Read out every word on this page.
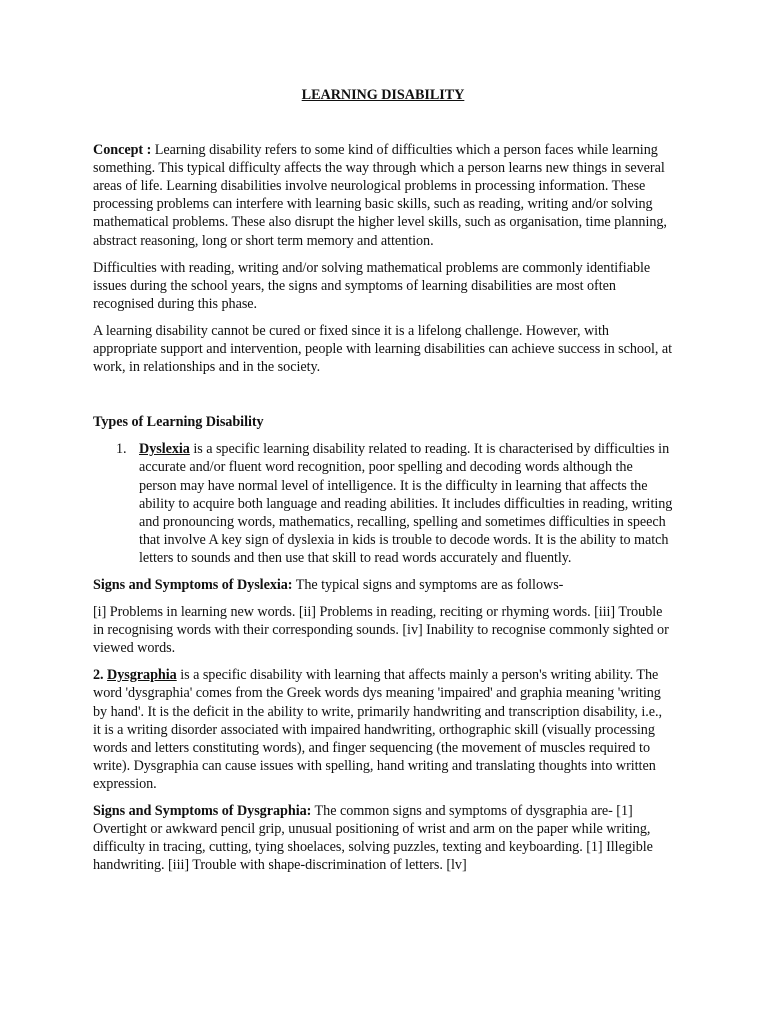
LEARNING DISABILITY

Concept : Learning disability refers to some kind of difficulties which a person faces while learning something. This typical difficulty affects the way through which a person learns new things in several areas of life. Learning disabilities involve neurological problems in processing information. These processing problems can interfere with learning basic skills, such as reading, writing and/or solving mathematical problems. These also disrupt the higher level skills, such as organisation, time planning, abstract reasoning, long or short term memory and attention.

Difficulties with reading, writing and/or solving mathematical problems are commonly identifiable issues during the school years, the signs and symptoms of learning disabilities are most often recognised during this phase.

A learning disability cannot be cured or fixed since it is a lifelong challenge. However, with appropriate support and intervention, people with learning disabilities can achieve success in school, at work, in relationships and in the society.

Types of Learning Disability
1. Dyslexia is a specific learning disability related to reading. It is characterised by difficulties in accurate and/or fluent word recognition, poor spelling and decoding words although the person may have normal level of intelligence. It is the difficulty in learning that affects the ability to acquire both language and reading abilities. It includes difficulties in reading, writing and pronouncing words, mathematics, recalling, spelling and sometimes difficulties in speech that involve A key sign of dyslexia in kids is trouble to decode words. It is the ability to match letters to sounds and then use that skill to read words accurately and fluently.

Signs and Symptoms of Dyslexia: The typical signs and symptoms are as follows-

[i] Problems in learning new words. [ii] Problems in reading, reciting or rhyming words. [iii] Trouble in recognising words with their corresponding sounds. [iv] Inability to recognise commonly sighted or viewed words.

2. Dysgraphia is a specific disability with learning that affects mainly a person's writing ability. The word 'dysgraphia' comes from the Greek words dys meaning 'impaired' and graphia meaning 'writing by hand'. It is the deficit in the ability to write, primarily handwriting and transcription disability, i.e., it is a writing disorder associated with impaired handwriting, orthographic skill (visually processing words and letters constituting words), and finger sequencing (the movement of muscles required to write). Dysgraphia can cause issues with spelling, hand writing and translating thoughts into written expression.

Signs and Symptoms of Dysgraphia: The common signs and symptoms of dysgraphia are- [1] Overtight or awkward pencil grip, unusual positioning of wrist and arm on the paper while writing, difficulty in tracing, cutting, tying shoelaces, solving puzzles, texting and keyboarding. [1] Illegible handwriting. [iii] Trouble with shape-discrimination of letters. [lv]
